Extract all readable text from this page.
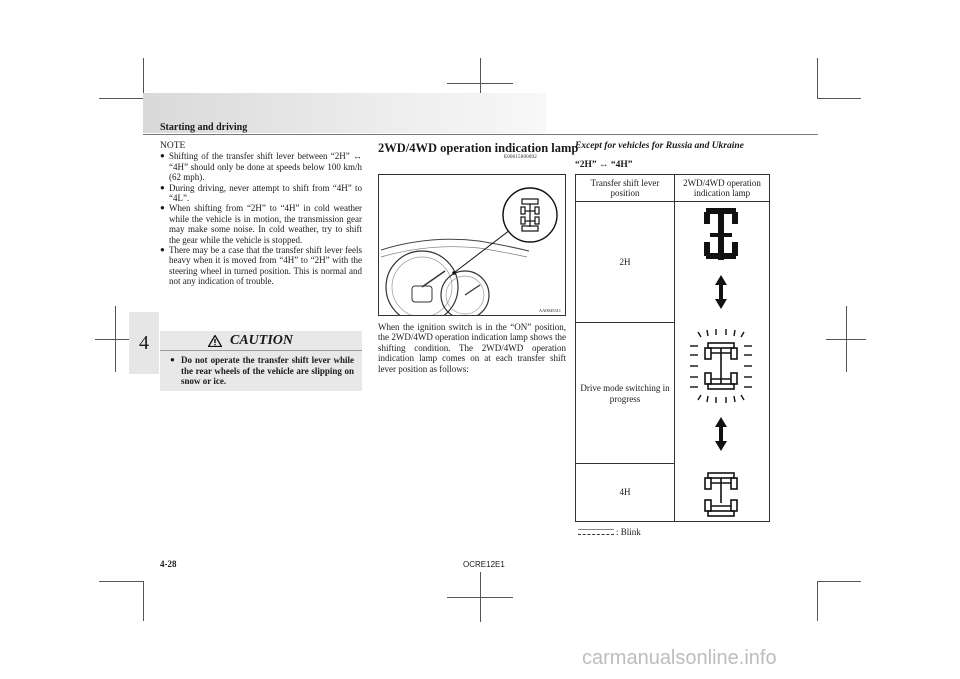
Starting and driving
4
NOTE
● Shifting of the transfer shift lever between “2H” ↔ “4H” should only be done at speeds below 100 km/h (62 mph).
● During driving, never attempt to shift from “4H” to “4L”.
● When shifting from “2H” to “4H” in cold weather while the vehicle is in motion, the transmission gear may make some noise. In cold weather, try to shift the gear while the vehicle is stopped.
● There may be a case that the transfer shift lever feels heavy when it is moved from “4H” to “2H” with the steering wheel in turned position. This is normal and not any indication of trouble.
CAUTION
● Do not operate the transfer shift lever while the rear wheels of the vehicle are slipping on snow or ice.
2WD/4WD operation indication lamp
E00615000092
AA0045311
When the ignition switch is in the “ON” position, the 2WD/4WD operation indication lamp shows the shifting condition. The 2WD/4WD operation indication lamp comes on at each transfer shift lever position as follows:
Except for vehicles for Russia and Ukraine
“2H” ↔ “4H”
Transfer shift lever position
2WD/4WD operation indication lamp
2H
Drive mode switching in progress
4H
: Blink
4-28	OCRE12E1
carmanualsonline.info
